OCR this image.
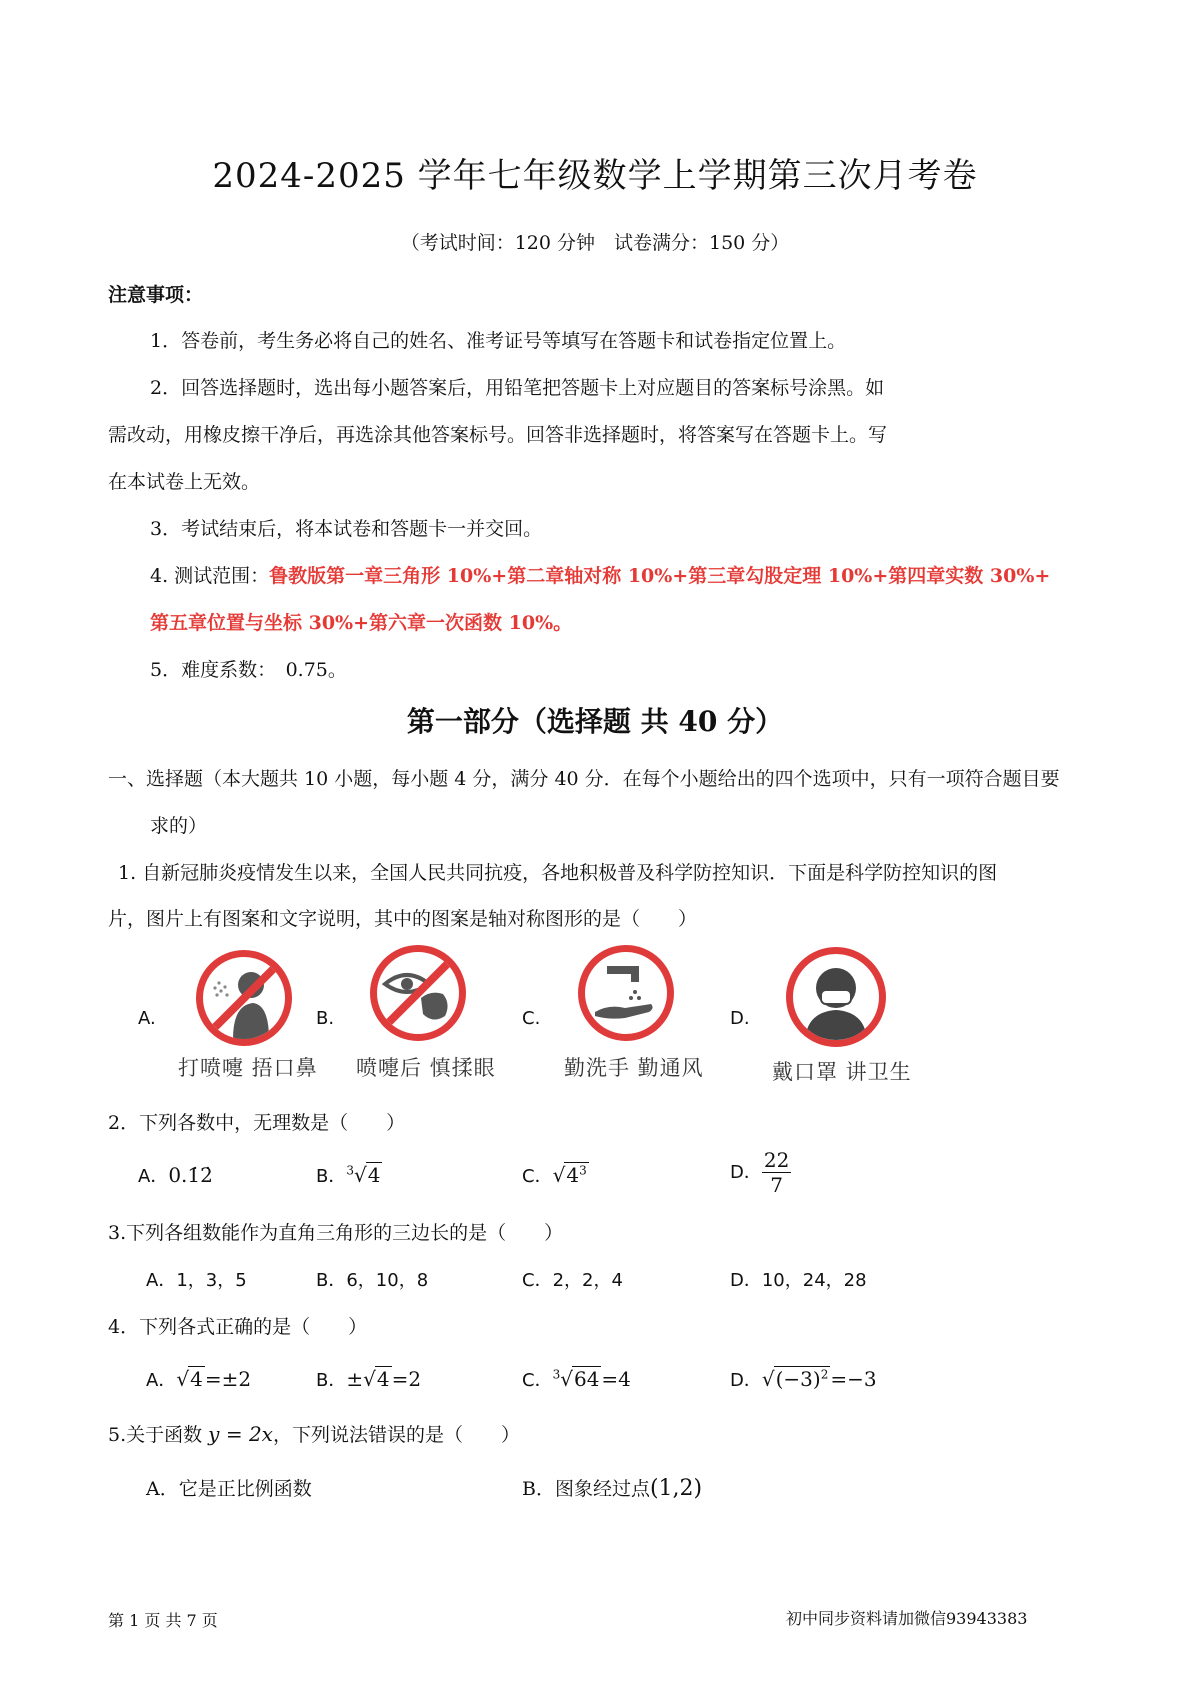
2024-2025 学年七年级数学上学期第三次月考卷
（考试时间：120 分钟　试卷满分：150 分）
注意事项：
1．答卷前，考生务必将自己的姓名、准考证号等填写在答题卡和试卷指定位置上。
2．回答选择题时，选出每小题答案后，用铅笔把答题卡上对应题目的答案标号涂黑。如
需改动，用橡皮擦干净后，再选涂其他答案标号。回答非选择题时，将答案写在答题卡上。写
在本试卷上无效。
3．考试结束后，将本试卷和答题卡一并交回。
4. 测试范围：鲁教版第一章三角形 10%+第二章轴对称 10%+第三章勾股定理 10%+第四章实数 30%+
第五章位置与坐标 30%+第六章一次函数 10%。
5．难度系数：　0.75。
第一部分（选择题 共 40 分）
一、选择题（本大题共 10 小题，每小题 4 分，满分 40 分．在每个小题给出的四个选项中，只有一项符合题目要
求的）
1. 自新冠肺炎疫情发生以来，全国人民共同抗疫，各地积极普及科学防控知识．下面是科学防控知识的图
片，图片上有图案和文字说明，其中的图案是轴对称图形的是（　　）
A.
打喷嚏 捂口鼻
B.
喷嚏后 慎揉眼
C.
勤洗手 勤通风
D.
戴口罩 讲卫生
2．下列各数中，无理数是（　　）
A．0.1̇2̇	B．$^3$√4	C．$√4^3$	D． $\frac{22}{7}$
3.下列各组数能作为直角三角形的三边长的是（　　）
A．1，3，5	B．6，10，8	C．2，2，4	D．10，24，28
4．下列各式正确的是（　　）
A．√4 =±2	B．±√4 =2	C．$^3$√64 =4	D．$√(-3)^2 =-3$
5.关于函数 y = 2x，下列说法错误的是（　　）
A．它是正比例函数	B．图象经过点(1,2)
第 1 页 共 7 页	初中同步资料请加微信93943383
